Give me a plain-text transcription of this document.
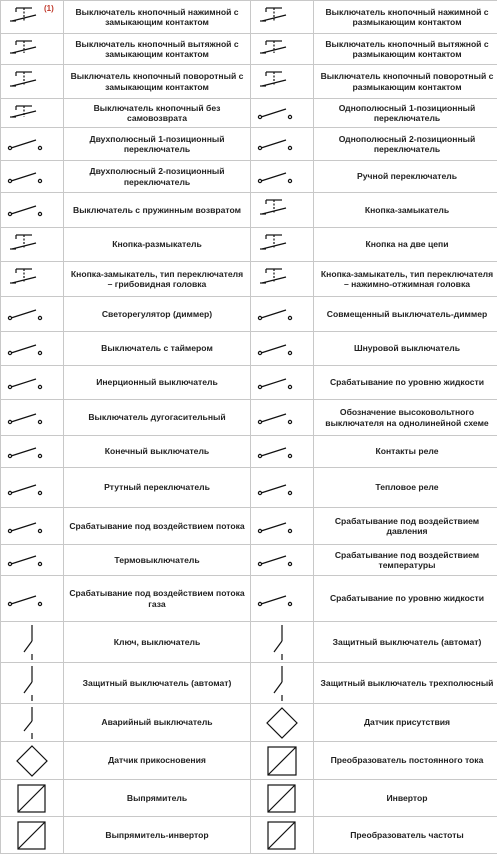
(1)
		Выключатель кнопочный нажимной с замыкающим контактом		Выключатель кнопочный нажимной с размыкающим контактом

	Выключатель кнопочный вытяжной с замыкающим контактом		Выключатель кнопочный вытяжной с размыкающим контактом

	Выключатель кнопочный поворотный с замыкающим контактом		Выключатель кнопочный поворотный с размыкающим контактом

	Выключатель кнопочный без самовозврата		Однополюсный 1-позиционный переключатель

	Двухполюсный 1-позиционный переключатель		Однополюсный 2-позиционный переключатель

	Двухполюсный 2-позиционный переключатель		Ручной переключатель

	Выключатель с пружинным возвратом		Кнопка-замыкатель

	Кнопка-размыкатель		Кнопка на две цепи

	Кнопка-замыкатель, тип переключателя – грибовидная головка		Кнопка-замыкатель, тип переключателя – нажимно-отжимная головка

	Светорегулятор (диммер)		Совмещенный выключатель-диммер

	Выключатель с таймером		Шнуровой выключатель

	Инерционный выключатель		Срабатывание по уровню жидкости

	Выключатель дугогасительный		Обозначение высоковольтного выключателя на однолинейной схеме

	Конечный выключатель		Контакты реле

	Ртутный переключатель		Тепловое реле

	Срабатывание под воздействием потока		Срабатывание под воздействием давления

	Термовыключатель		Срабатывание под воздействием температуры

	Срабатывание под воздействием потока газа		Срабатывание по уровню жидкости

	Ключ, выключатель		Защитный выключатель (автомат)

	Защитный выключатель (автомат)		Защитный выключатель трехполюсный

	Аварийный выключатель		Датчик присутствия

	Датчик прикосновения		Преобразователь постоянного тока

	Выпрямитель		Инвертор

	Выпрямитель-инвертор		Преобразователь частоты
